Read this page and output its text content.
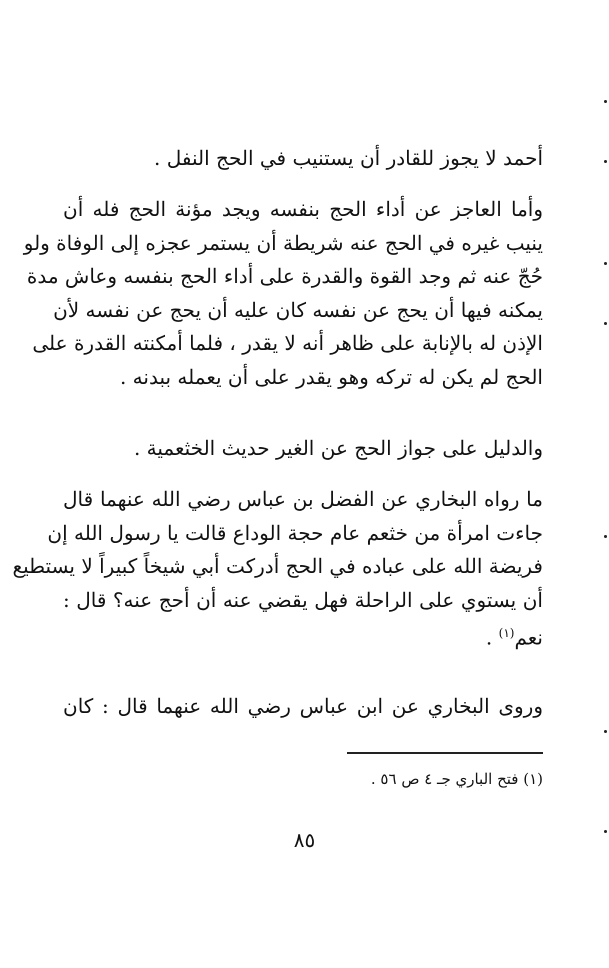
أحمد لا يجوز للقادر أن يستنيب في الحج النفل .
وأما العاجز عن أداء الحج بنفسه ويجد مؤنة الحج فله أن
ينيب غيره في الحج عنه شريطة أن يستمر عجزه إلى الوفاة ولو
حُجّ عنه ثم وجد القوة والقدرة على أداء الحج بنفسه وعاش مدة
يمكنه فيها أن يحج عن نفسه كان عليه أن يحج عن نفسه لأن
الإذن له بالإنابة على ظاهر أنه لا يقدر ، فلما أمكنته القدرة على
الحج لم يكن له تركه وهو يقدر على أن يعمله ببدنه .
والدليل على جواز الحج عن الغير حديث الخثعمية .
ما رواه البخاري عن الفضل بن عباس رضي الله عنهما قال
جاءت امرأة من خثعم عام حجة الوداع قالت يا رسول الله إن
فريضة الله على عباده في الحج أدركت أبي شيخاً كبيراً لا يستطيع
أن يستوي على الراحلة فهل يقضي عنه أن أحج عنه؟ قال :
نعم$^{(١)}$ .
وروى البخاري عن ابن عباس رضي الله عنهما قال : كان
(١) فتح الباري جـ ٤ ص ٥٦ .
٨٥
